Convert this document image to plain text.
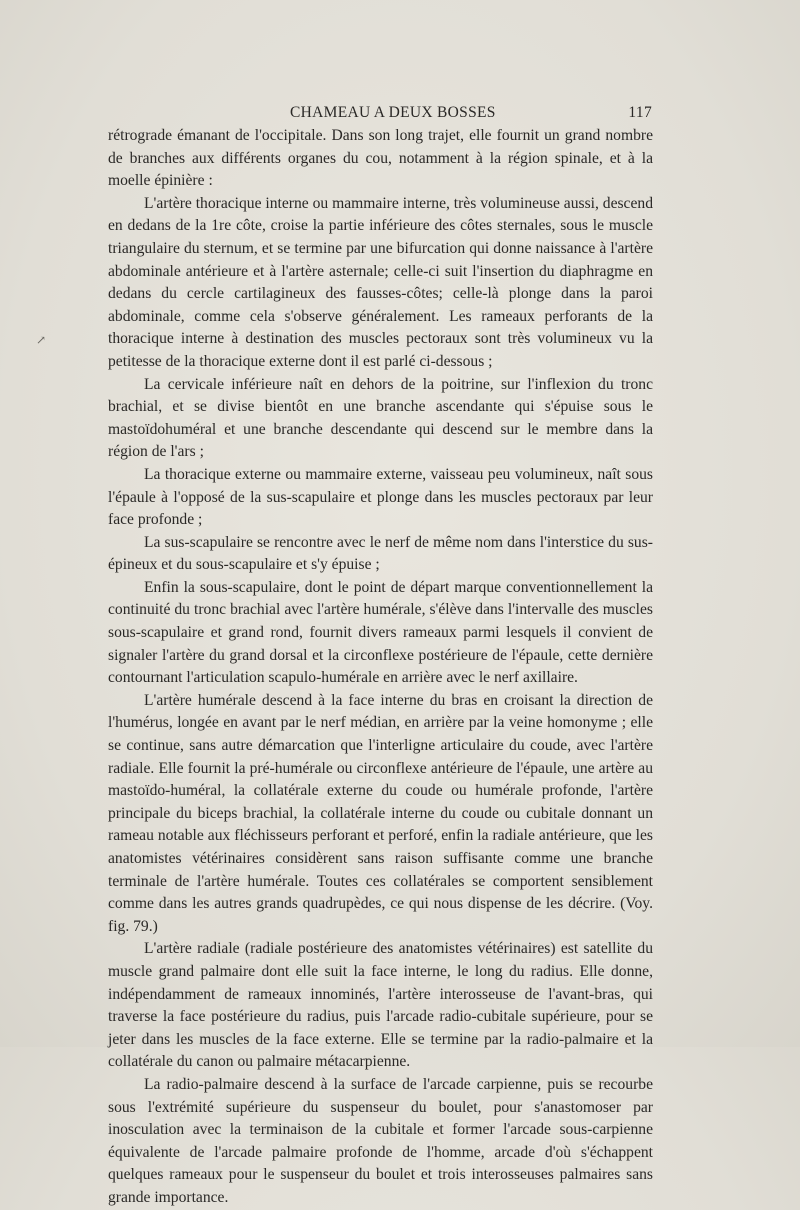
CHAMEAU A DEUX BOSSES	117
↗

rétrograde émanant de l'occipitale. Dans son long trajet, elle fournit un grand nombre de branches aux différents organes du cou, notamment à la région spinale, et à la moelle épinière :

L'artère thoracique interne ou mammaire interne, très volumineuse aussi, descend en dedans de la 1re côte, croise la partie inférieure des côtes sternales, sous le muscle triangulaire du sternum, et se termine par une bifurcation qui donne naissance à l'artère abdominale antérieure et à l'artère asternale; celle-ci suit l'insertion du diaphragme en dedans du cercle cartilagineux des fausses-côtes; celle-là plonge dans la paroi abdominale, comme cela s'observe généralement. Les rameaux perforants de la thoracique interne à destination des muscles pectoraux sont très volumineux vu la petitesse de la thoracique externe dont il est parlé ci-dessous ;

La cervicale inférieure naît en dehors de la poitrine, sur l'inflexion du tronc brachial, et se divise bientôt en une branche ascendante qui s'épuise sous le mastoïdohuméral et une branche descendante qui descend sur le membre dans la région de l'ars ;

La thoracique externe ou mammaire externe, vaisseau peu volumineux, naît sous l'épaule à l'opposé de la sus-scapulaire et plonge dans les muscles pectoraux par leur face profonde ;

La sus-scapulaire se rencontre avec le nerf de même nom dans l'interstice du sus-épineux et du sous-scapulaire et s'y épuise ;

Enfin la sous-scapulaire, dont le point de départ marque conventionnellement la continuité du tronc brachial avec l'artère humérale, s'élève dans l'intervalle des muscles sous-scapulaire et grand rond, fournit divers rameaux parmi lesquels il convient de signaler l'artère du grand dorsal et la circonflexe postérieure de l'épaule, cette dernière contournant l'articulation scapulo-humérale en arrière avec le nerf axillaire.

L'artère humérale descend à la face interne du bras en croisant la direction de l'humérus, longée en avant par le nerf médian, en arrière par la veine homonyme ; elle se continue, sans autre démarcation que l'interligne articulaire du coude, avec l'artère radiale. Elle fournit la pré-humérale ou circonflexe antérieure de l'épaule, une artère au mastoïdo-huméral, la collatérale externe du coude ou humérale profonde, l'artère principale du biceps brachial, la collatérale interne du coude ou cubitale donnant un rameau notable aux fléchisseurs perforant et perforé, enfin la radiale antérieure, que les anatomistes vétérinaires considèrent sans raison suffisante comme une branche terminale de l'artère humérale. Toutes ces collatérales se comportent sensiblement comme dans les autres grands quadrupèdes, ce qui nous dispense de les décrire. (Voy. fig. 79.)

L'artère radiale (radiale postérieure des anatomistes vétérinaires) est satellite du muscle grand palmaire dont elle suit la face interne, le long du radius. Elle donne, indépendamment de rameaux innominés, l'artère interosseuse de l'avant-bras, qui traverse la face postérieure du radius, puis l'arcade radio-cubitale supérieure, pour se jeter dans les muscles de la face externe. Elle se termine par la radio-palmaire et la collatérale du canon ou palmaire métacarpienne.

La radio-palmaire descend à la surface de l'arcade carpienne, puis se recourbe sous l'extrémité supérieure du suspenseur du boulet, pour s'anastomoser par inosculation avec la terminaison de la cubitale et former l'arcade sous-carpienne équivalente de l'arcade palmaire profonde de l'homme, arcade d'où s'échappent quelques rameaux pour le suspenseur du boulet et trois interosseuses palmaires sans grande importance.
